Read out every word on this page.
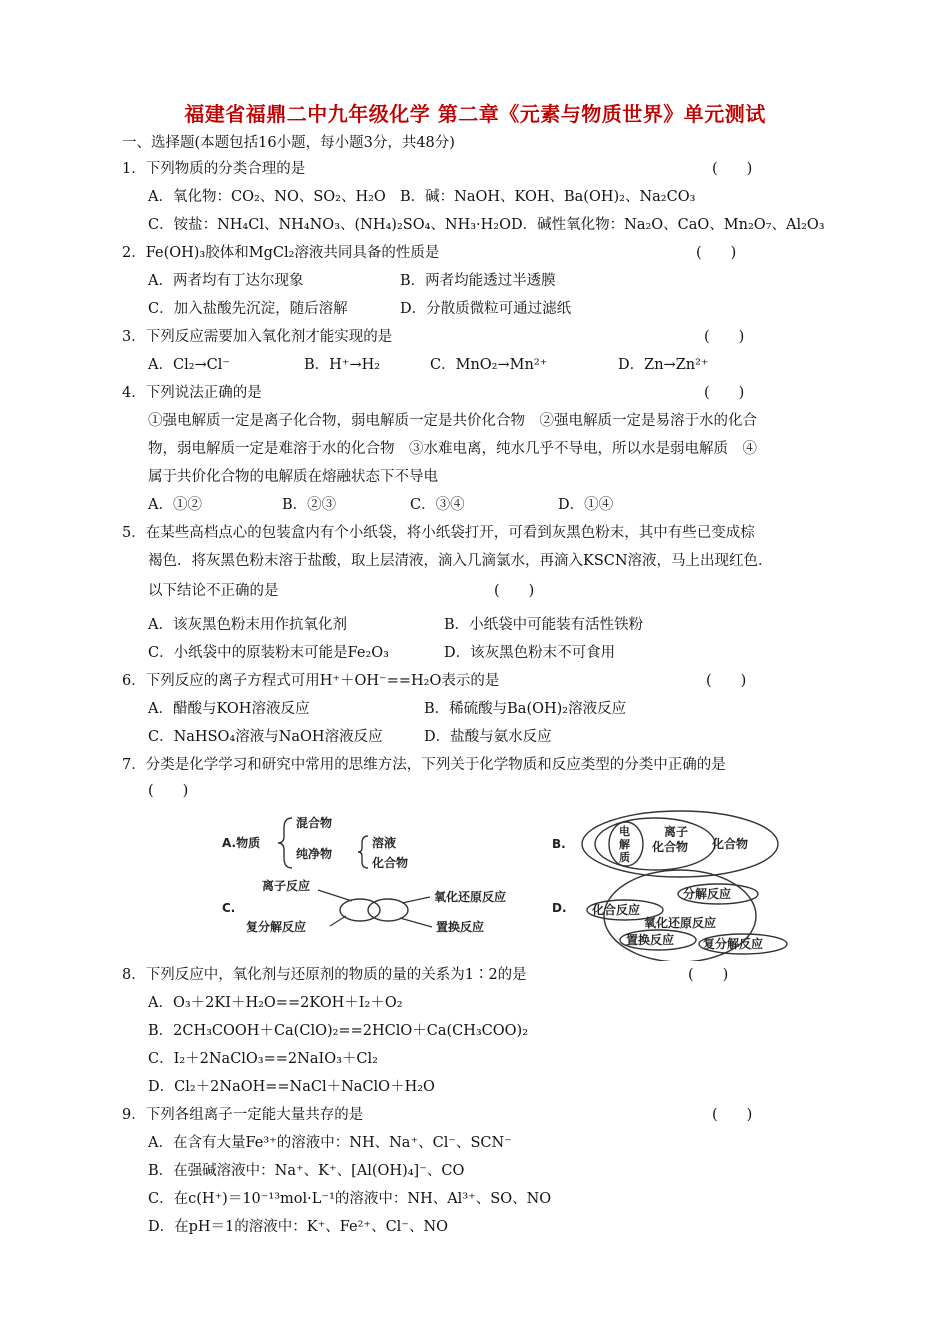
福建省福鼎二中九年级化学 第二章《元素与物质世界》单元测试
一、选择题(本题包括16小题，每小题3分，共48分)
1．下列物质的分类合理的是	(　　)
A．氧化物：CO₂、NO、SO₂、H₂O B．碱：NaOH、KOH、Ba(OH)₂、Na₂CO₃
C．铵盐：NH₄Cl、NH₄NO₃、(NH₄)₂SO₄、NH₃·H₂OD．碱性氧化物：Na₂O、CaO、Mn₂O₇、Al₂O₃
2．Fe(OH)₃胶体和MgCl₂溶液共同具备的性质是	(　　)
A．两者均有丁达尔现象	B．两者均能透过半透膜
C．加入盐酸先沉淀，随后溶解	D．分散质微粒可通过滤纸
3．下列反应需要加入氧化剂才能实现的是	(　　)
A．Cl₂→Cl⁻	B．H⁺→H₂	C．MnO₂→Mn²⁺	D．Zn→Zn²⁺
4．下列说法正确的是	(　　)
①强电解质一定是离子化合物，弱电解质一定是共价化合物　②强电解质一定是易溶于水的化合
物，弱电解质一定是难溶于水的化合物　③水难电离，纯水几乎不导电，所以水是弱电解质　④
属于共价化合物的电解质在熔融状态下不导电
A．①②	B．②③	C．③④	D．①④
5．在某些高档点心的包装盒内有个小纸袋，将小纸袋打开，可看到灰黑色粉末，其中有些已变成棕
褐色．将灰黑色粉末溶于盐酸，取上层清液，滴入几滴氯水，再滴入KSCN溶液，马上出现红色．
以下结论不正确的是	(　　)
A．该灰黑色粉末用作抗氧化剂	B．小纸袋中可能装有活性铁粉
C．小纸袋中的原装粉末可能是Fe₂O₃	D．该灰黑色粉末不可食用
6．下列反应的离子方程式可用H⁺＋OH⁻==H₂O表示的是	(　　)
A．醋酸与KOH溶液反应	B．稀硫酸与Ba(OH)₂溶液反应
C．NaHSO₄溶液与NaOH溶液反应	D．盐酸与氨水反应
7．分类是化学学习和研究中常用的思维方法，下列关于化学物质和反应类型的分类中正确的是
(　　)
A.物质
混合物
纯净物
溶液
化合物
B.
电
解
质
离子
化合物 化合物
C.
离子反应
复分解反应
氧化还原反应
置换反应
D.
分解反应
化合反应
氧化还原反应
置换反应 复分解反应
8．下列反应中，氧化剂与还原剂的物质的量的关系为1∶2的是	(　　)
A．O₃＋2KI＋H₂O==2KOH＋I₂＋O₂
B．2CH₃COOH＋Ca(ClO)₂==2HClO＋Ca(CH₃COO)₂
C．I₂＋2NaClO₃==2NaIO₃＋Cl₂
D．Cl₂＋2NaOH==NaCl＋NaClO＋H₂O
9．下列各组离子一定能大量共存的是	(　　)
A．在含有大量Fe³⁺的溶液中：NH、Na⁺、Cl⁻、SCN⁻
B．在强碱溶液中：Na⁺、K⁺、[Al(OH)₄]⁻、CO
C．在c(H⁺)＝10⁻¹³mol·L⁻¹的溶液中：NH、Al³⁺、SO、NO
D．在pH＝1的溶液中：K⁺、Fe²⁺、Cl⁻、NO
